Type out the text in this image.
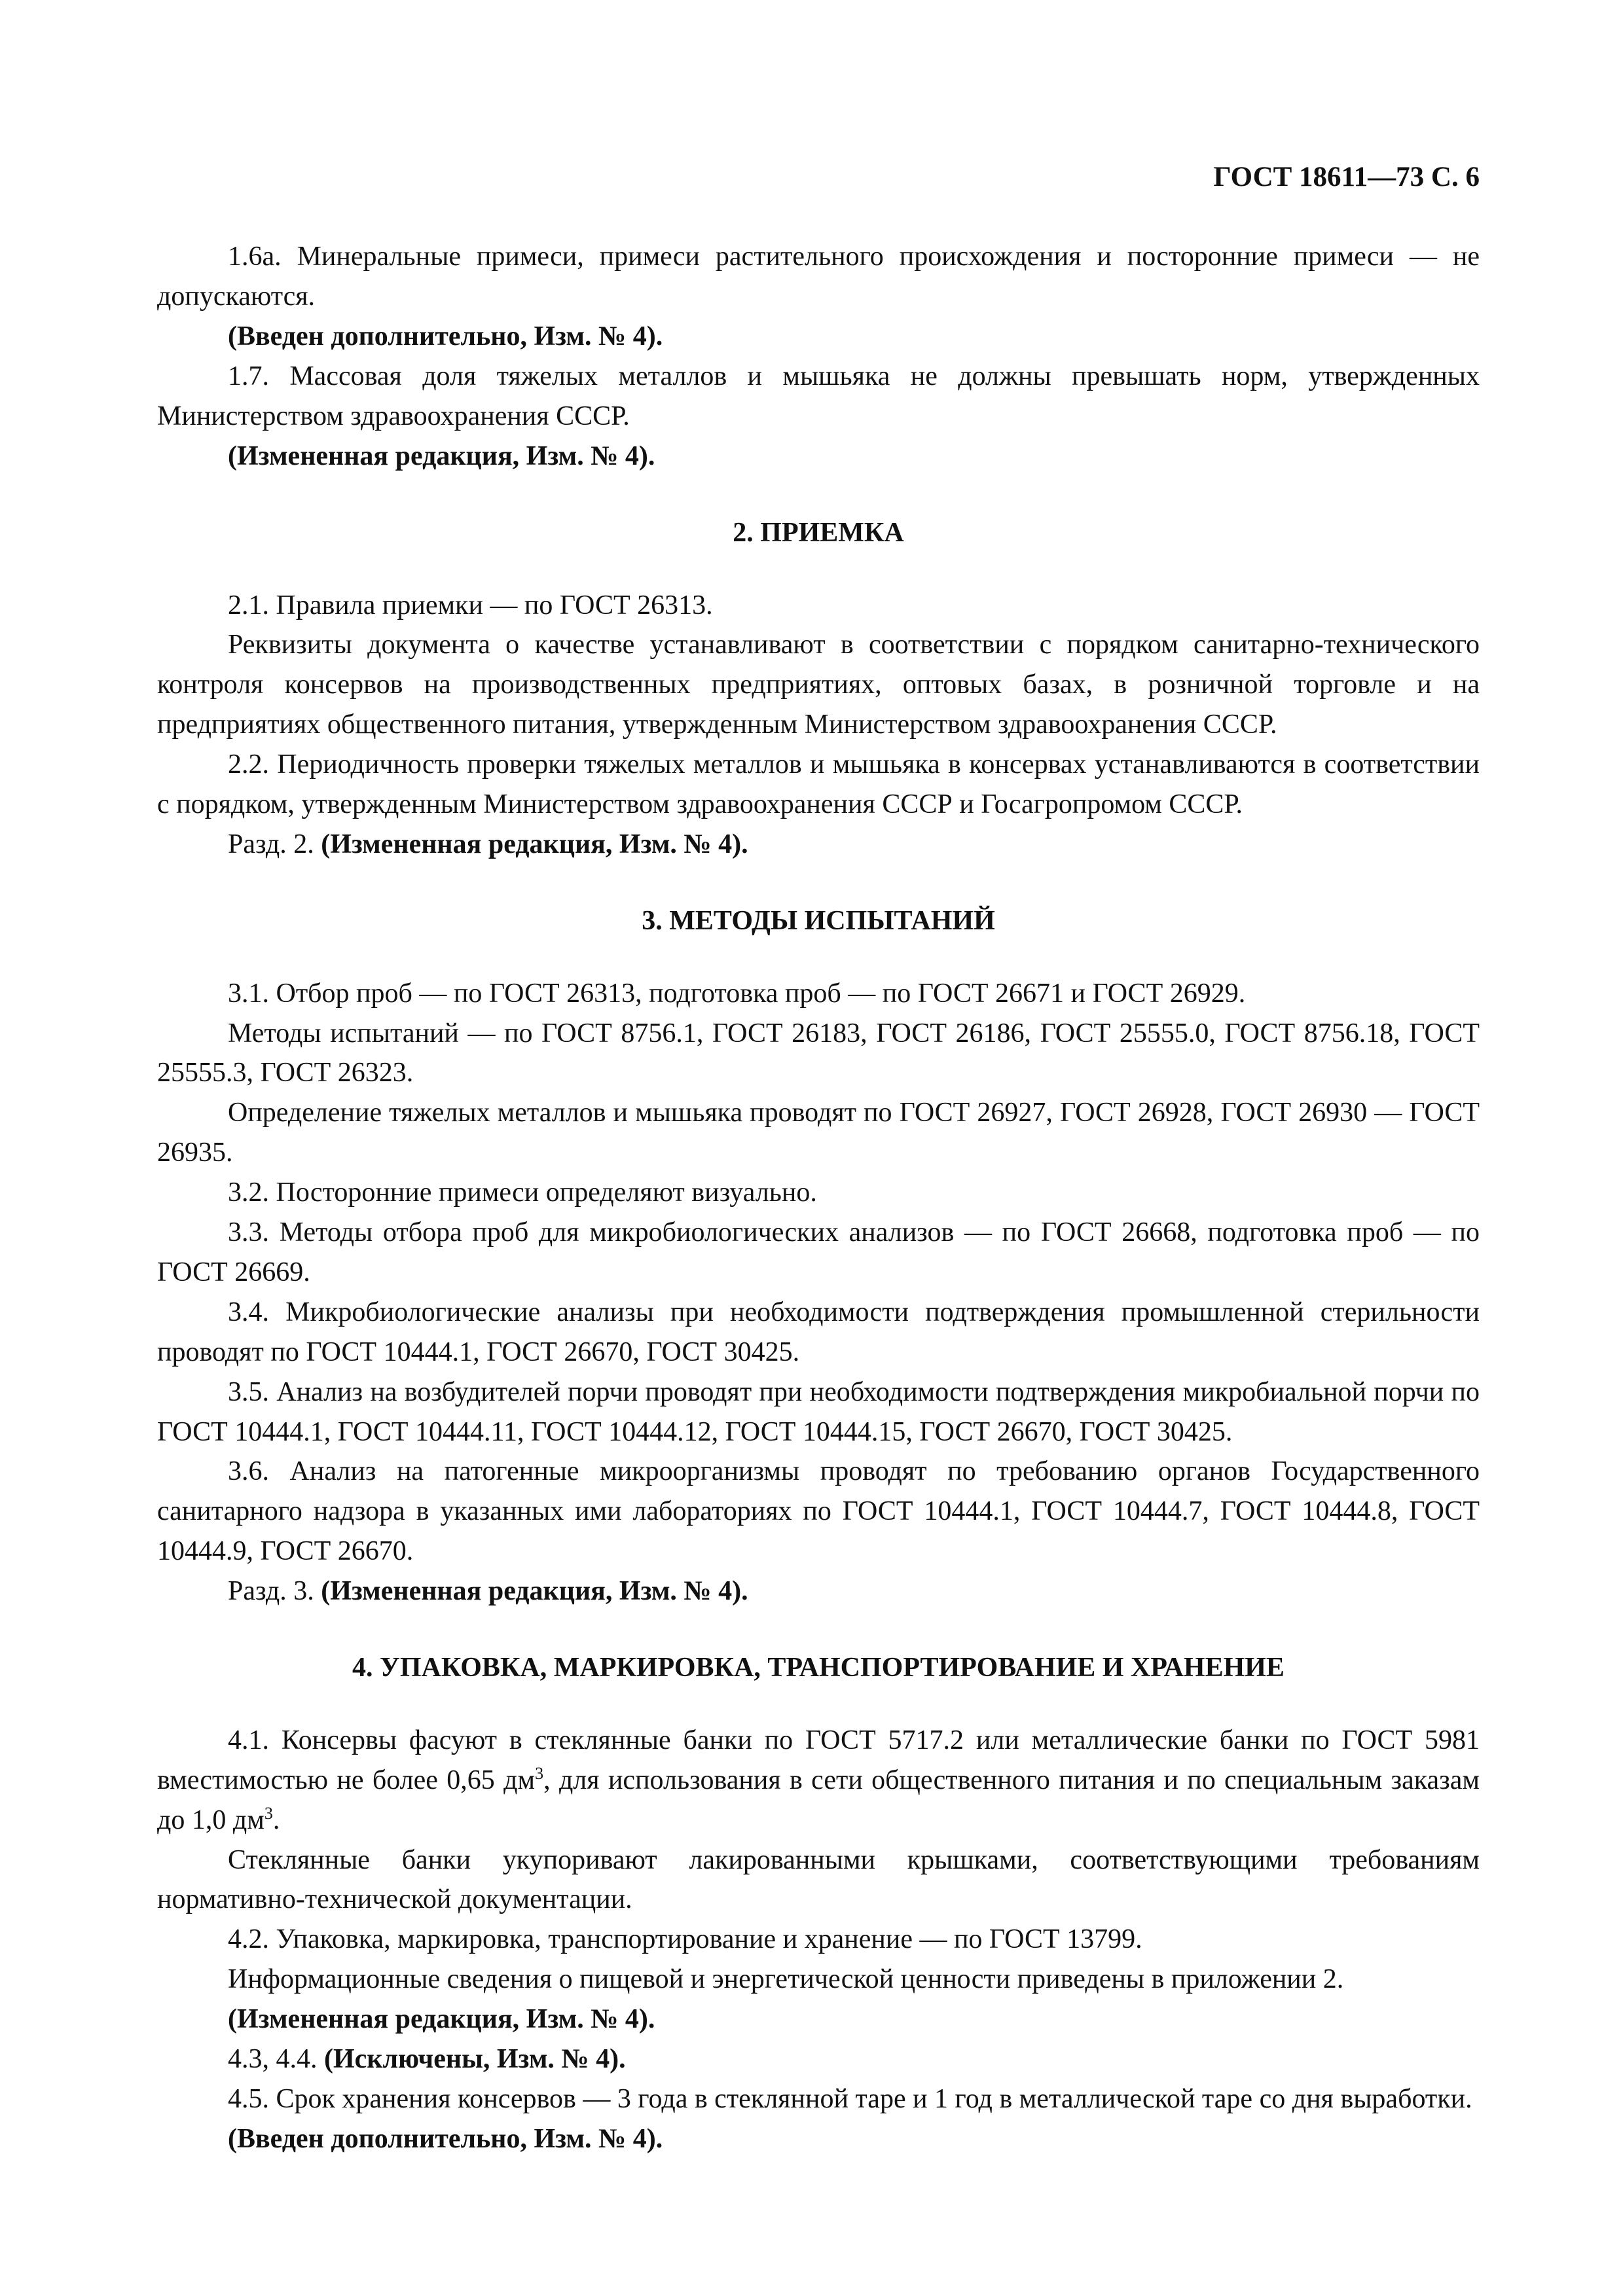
ГОСТ 18611—73 С. 6

1.6а. Минеральные примеси, примеси растительного происхождения и посторонние примеси — не допускаются.

(Введен дополнительно, Изм. № 4).

1.7. Массовая доля тяжелых металлов и мышьяка не должны превышать норм, утвержденных Министерством здравоохранения СССР.

(Измененная редакция, Изм. № 4).

2. ПРИЕМКА

2.1. Правила приемки — по ГОСТ 26313.

Реквизиты документа о качестве устанавливают в соответствии с порядком санитарно-технического контроля консервов на производственных предприятиях, оптовых базах, в розничной торговле и на предприятиях общественного питания, утвержденным Министерством здравоохранения СССР.

2.2. Периодичность проверки тяжелых металлов и мышьяка в консервах устанавливаются в соответствии с порядком, утвержденным Министерством здравоохранения СССР и Госагропромом СССР.

Разд. 2. (Измененная редакция, Изм. № 4).

3. МЕТОДЫ ИСПЫТАНИЙ

3.1. Отбор проб — по ГОСТ 26313, подготовка проб — по ГОСТ 26671 и ГОСТ 26929.

Методы испытаний — по ГОСТ 8756.1, ГОСТ 26183, ГОСТ 26186, ГОСТ 25555.0, ГОСТ 8756.18, ГОСТ 25555.3, ГОСТ 26323.

Определение тяжелых металлов и мышьяка проводят по ГОСТ 26927, ГОСТ 26928, ГОСТ 26930 — ГОСТ 26935.

3.2. Посторонние примеси определяют визуально.

3.3. Методы отбора проб для микробиологических анализов — по ГОСТ 26668, подготовка проб — по ГОСТ 26669.

3.4. Микробиологические анализы при необходимости подтверждения промышленной стерильности проводят по ГОСТ 10444.1, ГОСТ 26670, ГОСТ 30425.

3.5. Анализ на возбудителей порчи проводят при необходимости подтверждения микробиальной порчи по ГОСТ 10444.1, ГОСТ 10444.11, ГОСТ 10444.12, ГОСТ 10444.15, ГОСТ 26670, ГОСТ 30425.

3.6. Анализ на патогенные микроорганизмы проводят по требованию органов Государственного санитарного надзора в указанных ими лабораториях по ГОСТ 10444.1, ГОСТ 10444.7, ГОСТ 10444.8, ГОСТ 10444.9, ГОСТ 26670.

Разд. 3. (Измененная редакция, Изм. № 4).

4. УПАКОВКА, МАРКИРОВКА, ТРАНСПОРТИРОВАНИЕ И ХРАНЕНИЕ

4.1. Консервы фасуют в стеклянные банки по ГОСТ 5717.2 или металлические банки по ГОСТ 5981 вместимостью не более 0,65 $дм^3$, для использования в сети общественного питания и по специальным заказам до 1,0 $дм^3$.

Стеклянные банки укупоривают лакированными крышками, соответствующими требованиям нормативно-технической документации.

4.2. Упаковка, маркировка, транспортирование и хранение — по ГОСТ 13799.

Информационные сведения о пищевой и энергетической ценности приведены в приложении 2.

(Измененная редакция, Изм. № 4).

4.3, 4.4. (Исключены, Изм. № 4).

4.5. Срок хранения консервов — 3 года в стеклянной таре и 1 год в металлической таре со дня выработки.

(Введен дополнительно, Изм. № 4).
